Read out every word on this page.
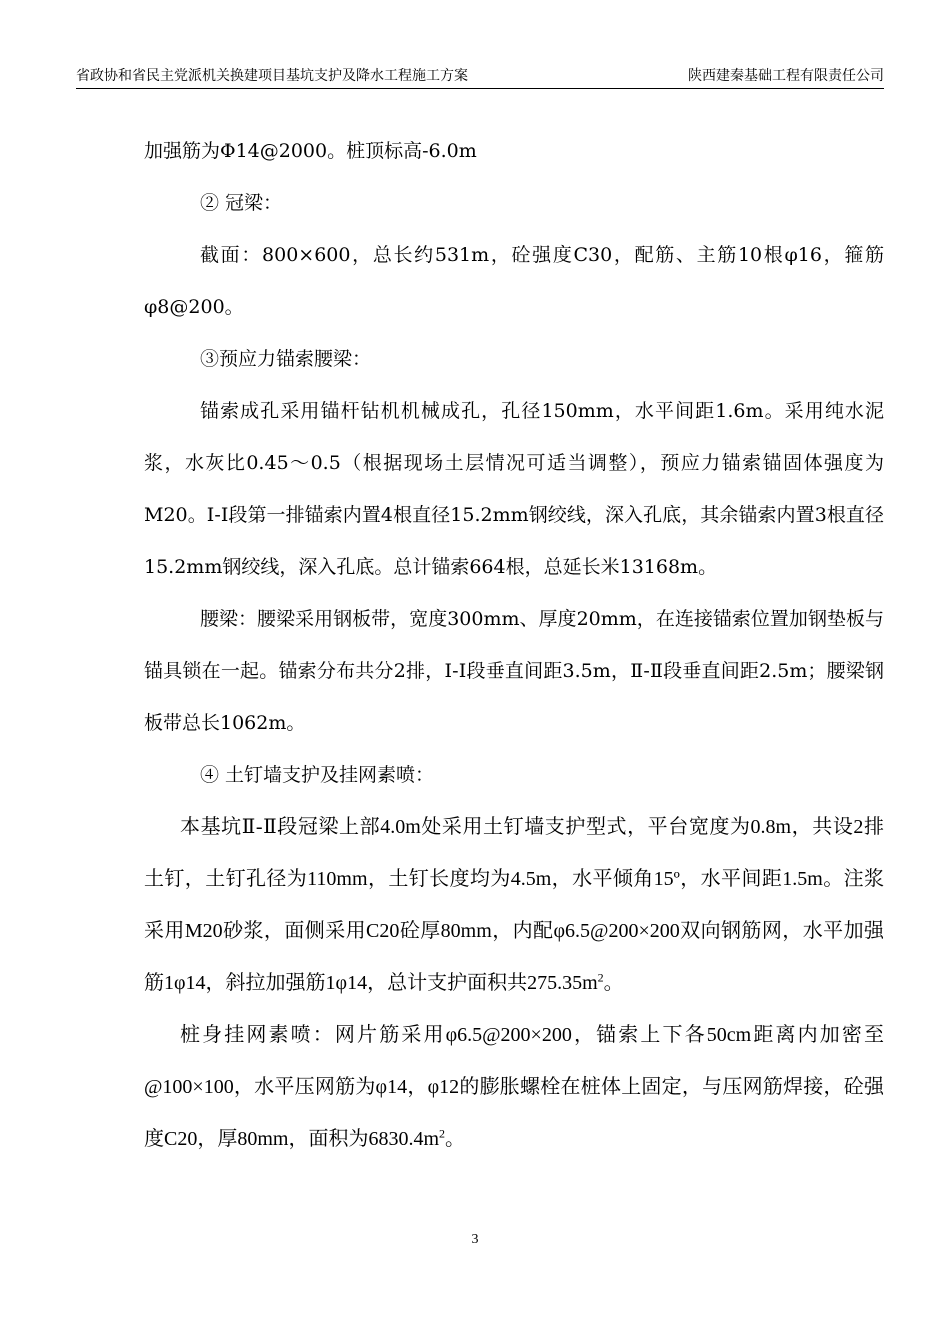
省政协和省民主党派机关换建项目基坑支护及降水工程施工方案	陕西建秦基础工程有限责任公司

加强筋为Φ14@2000。桩顶标高-6.0m

② 冠梁：

截面：800×600，总长约531m，砼强度C30，配筋、主筋10根φ16，箍筋φ8@200。

③预应力锚索腰梁：

锚索成孔采用锚杆钻机机械成孔，孔径150mm，水平间距1.6m。采用纯水泥浆，水灰比0.45～0.5（根据现场土层情况可适当调整），预应力锚索锚固体强度为M20。Ⅰ-Ⅰ段第一排锚索内置4根直径15.2mm钢绞线，深入孔底，其余锚索内置3根直径15.2mm钢绞线，深入孔底。总计锚索664根，总延长米13168m。

腰梁：腰梁采用钢板带，宽度300mm、厚度20mm，在连接锚索位置加钢垫板与锚具锁在一起。锚索分布共分2排，Ⅰ-Ⅰ段垂直间距3.5m，Ⅱ-Ⅱ段垂直间距2.5m；腰梁钢板带总长1062m。

④ 土钉墙支护及挂网素喷：

本基坑Ⅱ-Ⅱ段冠梁上部4.0m处采用土钉墙支护型式，平台宽度为0.8m，共设2排土钉，土钉孔径为110mm，土钉长度均为4.5m，水平倾角15º，水平间距1.5m。注浆采用M20砂浆，面侧采用C20砼厚80mm，内配φ6.5@200×200双向钢筋网，水平加强筋1φ14，斜拉加强筋1φ14，总计支护面积共$275.35m^2$。

桩身挂网素喷：网片筋采用φ6.5@200×200，锚索上下各50cm距离内加密至@100×100，水平压网筋为φ14，φ12的膨胀螺栓在桩体上固定，与压网筋焊接，砼强度C20，厚80mm，面积为$6830.4m^2$。

3
